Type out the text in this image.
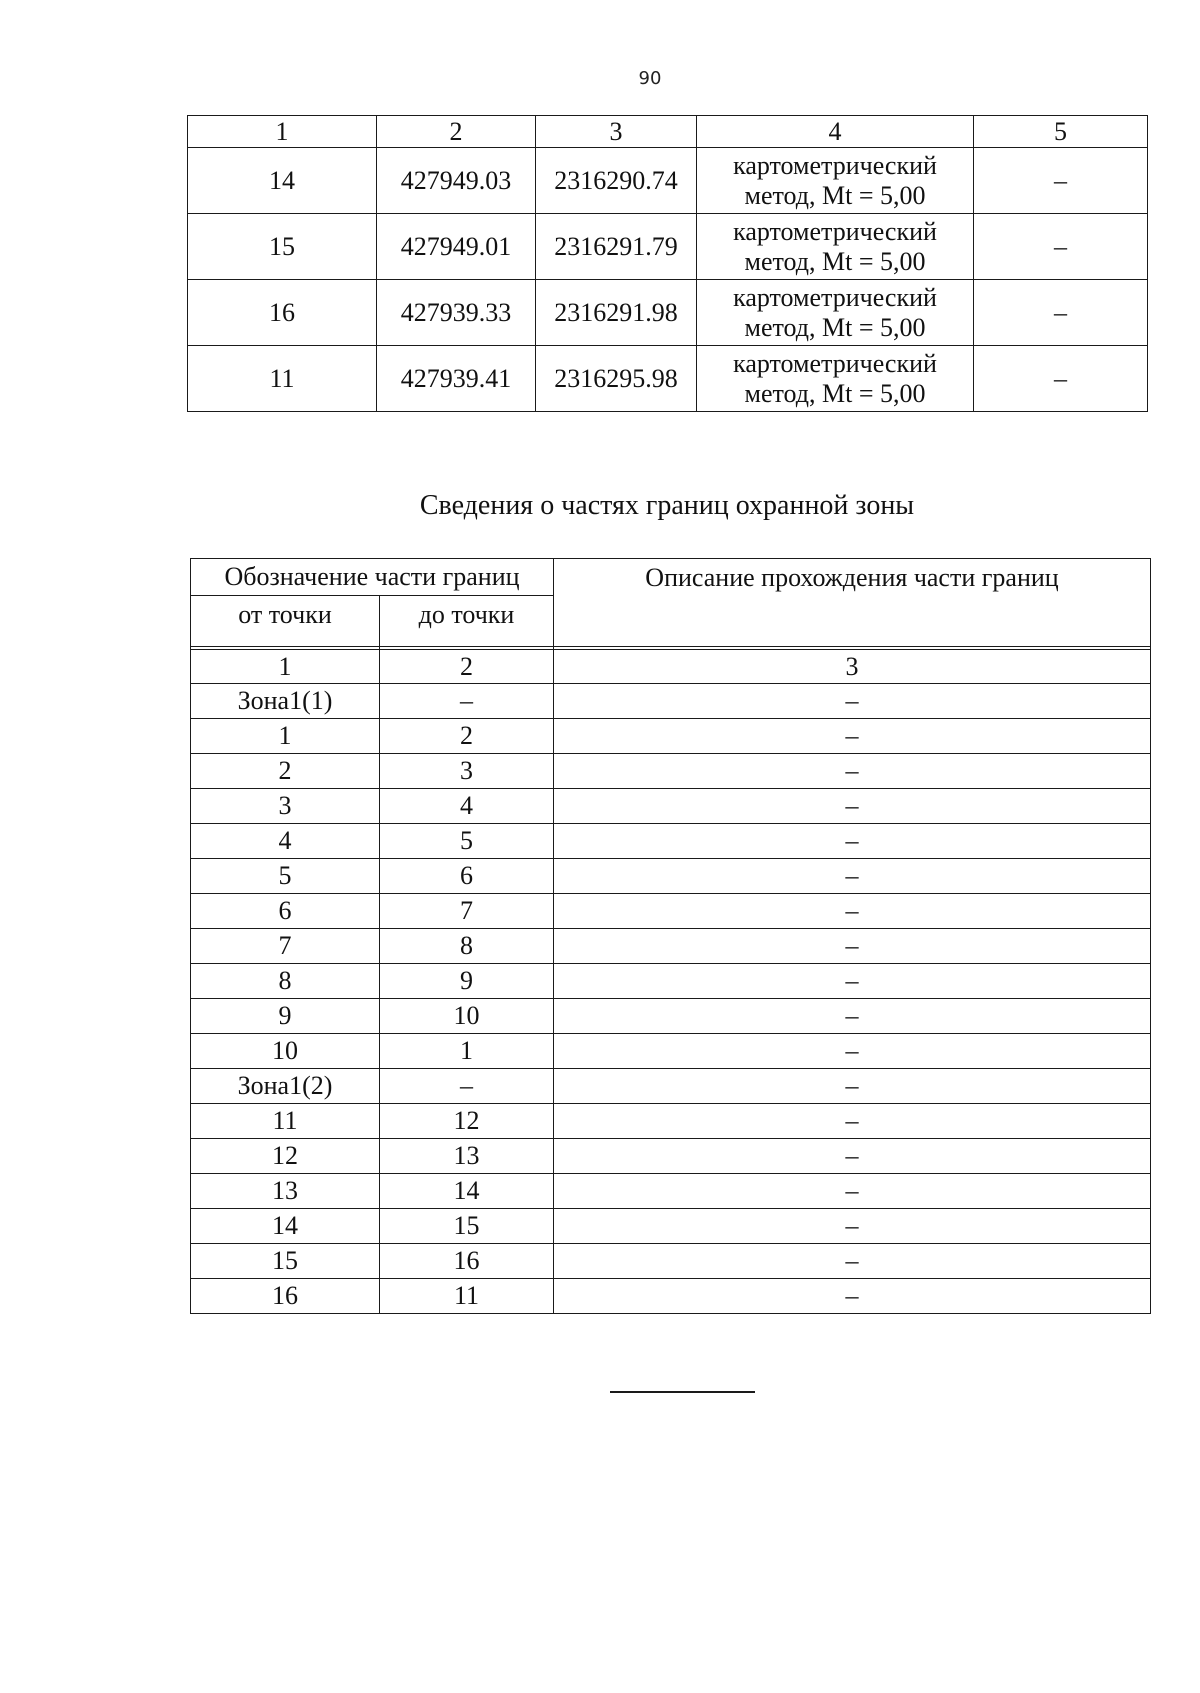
90
1	2	3	4	5
14	427949.03	2316290.74	картометрический
метод, Mt = 5,00	–
15	427949.01	2316291.79	картометрический
метод, Mt = 5,00	–
16	427939.33	2316291.98	картометрический
метод, Mt = 5,00	–
11	427939.41	2316295.98	картометрический
метод, Mt = 5,00	–
Сведения о частях границ охранной зоны
Обозначение части границ		Описание прохождения части границ
от точки	до точки	

1	2	3
Зона1(1)	–	–
1	2	–
2	3	–
3	4	–
4	5	–
5	6	–
6	7	–
7	8	–
8	9	–
9	10	–
10	1	–
Зона1(2)	–	–
11	12	–
12	13	–
13	14	–
14	15	–
15	16	–
16	11	–
